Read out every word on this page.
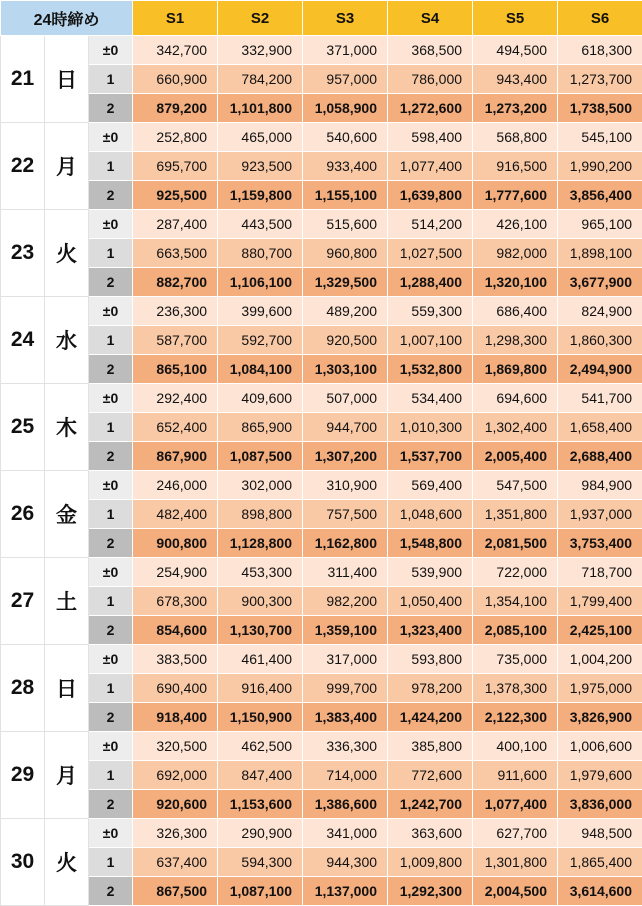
24時締め			S1	S2	S3	S4	S5	S6
21	日	±0	342,700	332,900	371,000	368,500	494,500	618,300
		1	660,900	784,200	957,000	786,000	943,400	1,273,700
		2	879,200	1,101,800	1,058,900	1,272,600	1,273,200	1,738,500
22	月	±0	252,800	465,000	540,600	598,400	568,800	545,100
		1	695,700	923,500	933,400	1,077,400	916,500	1,990,200
		2	925,500	1,159,800	1,155,100	1,639,800	1,777,600	3,856,400
23	火	±0	287,400	443,500	515,600	514,200	426,100	965,100
		1	663,500	880,700	960,800	1,027,500	982,000	1,898,100
		2	882,700	1,106,100	1,329,500	1,288,400	1,320,100	3,677,900
24	水	±0	236,300	399,600	489,200	559,300	686,400	824,900
		1	587,700	592,700	920,500	1,007,100	1,298,300	1,860,300
		2	865,100	1,084,100	1,303,100	1,532,800	1,869,800	2,494,900
25	木	±0	292,400	409,600	507,000	534,400	694,600	541,700
		1	652,400	865,900	944,700	1,010,300	1,302,400	1,658,400
		2	867,900	1,087,500	1,307,200	1,537,700	2,005,400	2,688,400
26	金	±0	246,000	302,000	310,900	569,400	547,500	984,900
		1	482,400	898,800	757,500	1,048,600	1,351,800	1,937,000
		2	900,800	1,128,800	1,162,800	1,548,800	2,081,500	3,753,400
27	土	±0	254,900	453,300	311,400	539,900	722,000	718,700
		1	678,300	900,300	982,200	1,050,400	1,354,100	1,799,400
		2	854,600	1,130,700	1,359,100	1,323,400	2,085,100	2,425,100
28	日	±0	383,500	461,400	317,000	593,800	735,000	1,004,200
		1	690,400	916,400	999,700	978,200	1,378,300	1,975,000
		2	918,400	1,150,900	1,383,400	1,424,200	2,122,300	3,826,900
29	月	±0	320,500	462,500	336,300	385,800	400,100	1,006,600
		1	692,000	847,400	714,000	772,600	911,600	1,979,600
		2	920,600	1,153,600	1,386,600	1,242,700	1,077,400	3,836,000
30	火	±0	326,300	290,900	341,000	363,600	627,700	948,500
		1	637,400	594,300	944,300	1,009,800	1,301,800	1,865,400
		2	867,500	1,087,100	1,137,000	1,292,300	2,004,500	3,614,600
